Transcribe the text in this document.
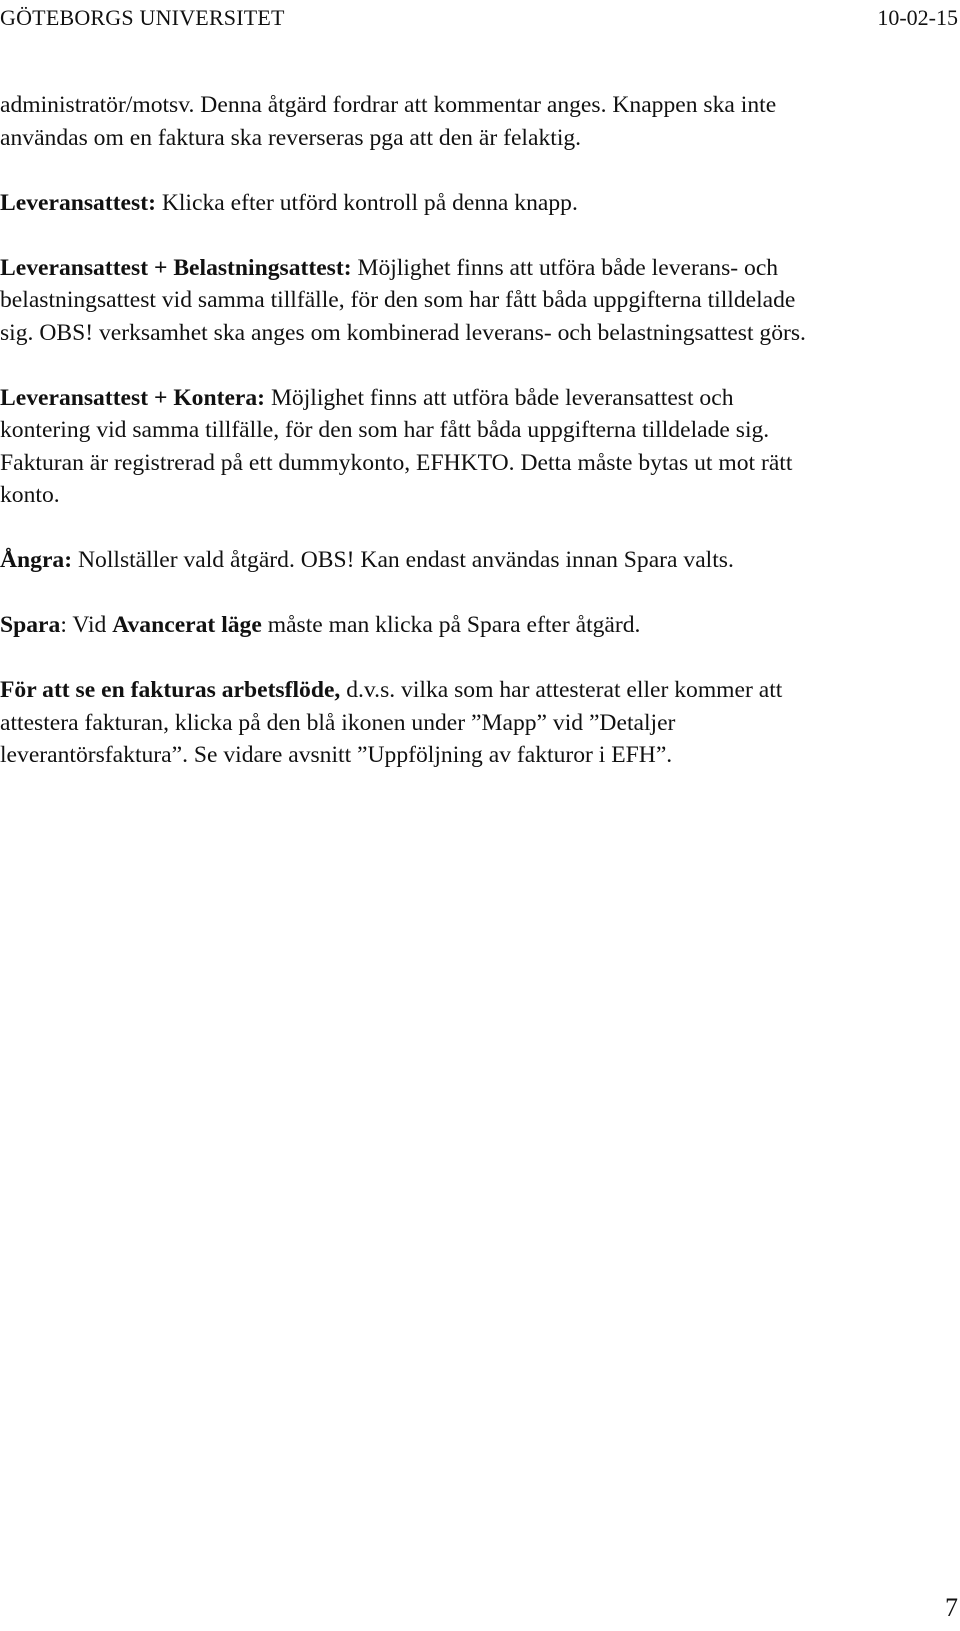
GÖTEBORGS UNIVERSITET	10-02-15

administratör/motsv. Denna åtgärd fordrar att kommentar anges. Knappen ska inte
användas om en faktura ska reverseras pga att den är felaktig.

Leveransattest: Klicka efter utförd kontroll på denna knapp.

Leveransattest + Belastningsattest: Möjlighet finns att utföra både leverans- och
belastningsattest vid samma tillfälle, för den som har fått båda uppgifterna tilldelade
sig. OBS! verksamhet ska anges om kombinerad leverans- och belastningsattest görs.

Leveransattest + Kontera: Möjlighet finns att utföra både leveransattest och
kontering vid samma tillfälle, för den som har fått båda uppgifterna tilldelade sig.
Fakturan är registrerad på ett dummykonto, EFHKTO. Detta måste bytas ut mot rätt
konto.

Ångra: Nollställer vald åtgärd. OBS! Kan endast användas innan Spara valts.

Spara: Vid Avancerat läge måste man klicka på Spara efter åtgärd.

För att se en fakturas arbetsflöde, d.v.s. vilka som har attesterat eller kommer att
attestera fakturan, klicka på den blå ikonen under ”Mapp” vid ”Detaljer
leverantörsfaktura”. Se vidare avsnitt ”Uppföljning av fakturor i EFH”.

7
